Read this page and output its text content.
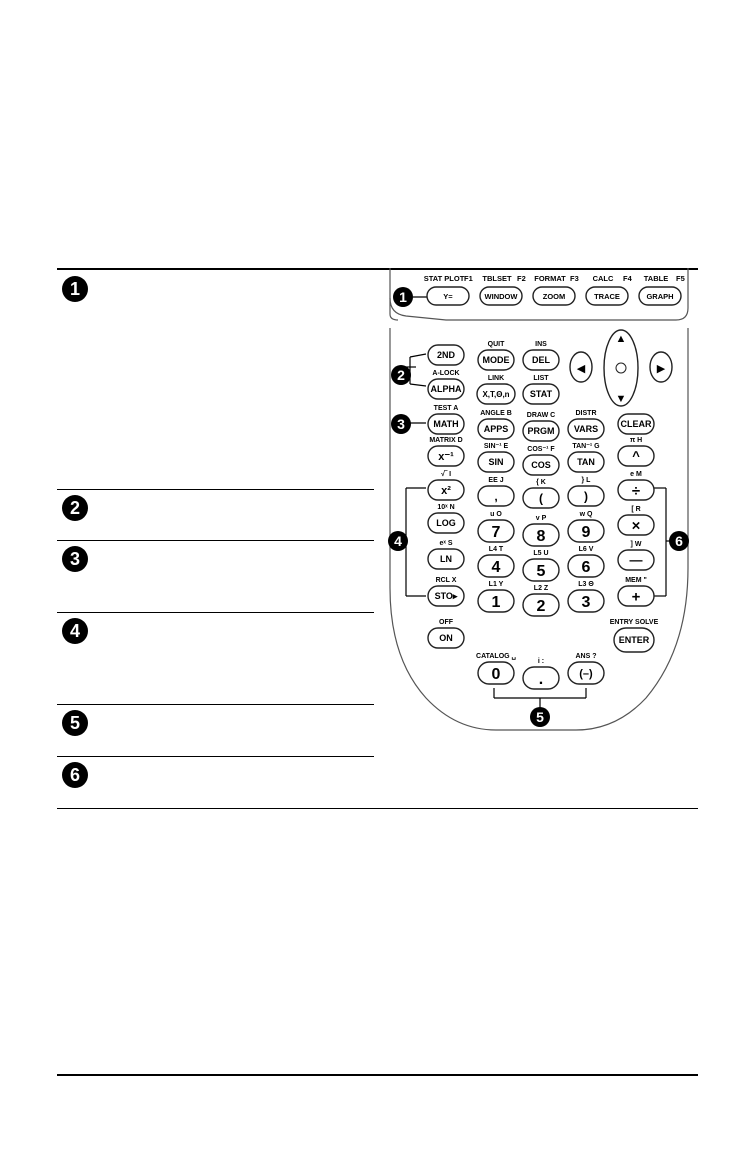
1
2
3
4
5
6
1
2
3
4
5
6
STAT PLOT F1
Y=
TBLSET F2
WINDOW
FORMAT F3
ZOOM
CALC F4
TRACE
TABLE F5
GRAPH
▲
▼
◀	▶
2ND
QUIT
MODE
INS
DEL
A-LOCK
ALPHA
LINK
X,T,Θ,n
LIST
STAT
TEST A
MATH
ANGLE B
APPS
DRAW C
PRGM
DISTR
VARS CLEAR
MATRIX D
x⁻¹
SIN⁻¹ E
SIN
COS⁻¹ F
COS
TAN⁻¹ G
TAN
π H
^
√‾ I
x²
EE J
,
{ K
(
} L
)
e M
÷
10ˣ N
LOG
u O
7
v P
8
w Q
9
[ R
×
eˣ S
LN
L4 T
4
L5 U
5
L6 V
6
] W
—
RCL X
STO▸
L1 Y
1
L2 Z
2
L3 Θ
3
MEM "
+
OFF
ON
ENTRY SOLVE
ENTER
CATALOG ␣
0
i :
.
ANS ?
(–)
